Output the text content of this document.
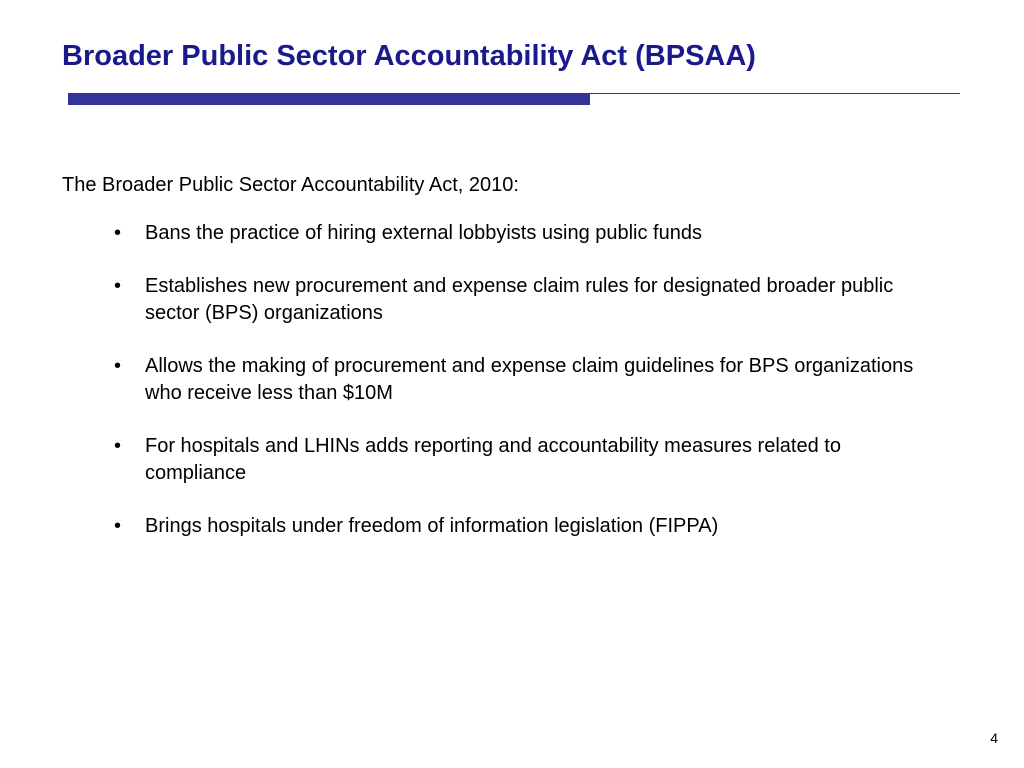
Broader Public Sector Accountability Act (BPSAA)

The Broader Public Sector Accountability Act, 2010:

• Bans the practice of hiring external lobbyists using public funds
• Establishes new procurement and expense claim rules for designated broader public sector (BPS) organizations
• Allows the making of procurement and expense claim guidelines for BPS organizations who receive less than $10M
• For hospitals and LHINs adds reporting and accountability measures related to compliance
• Brings hospitals under freedom of information legislation (FIPPA)
4
